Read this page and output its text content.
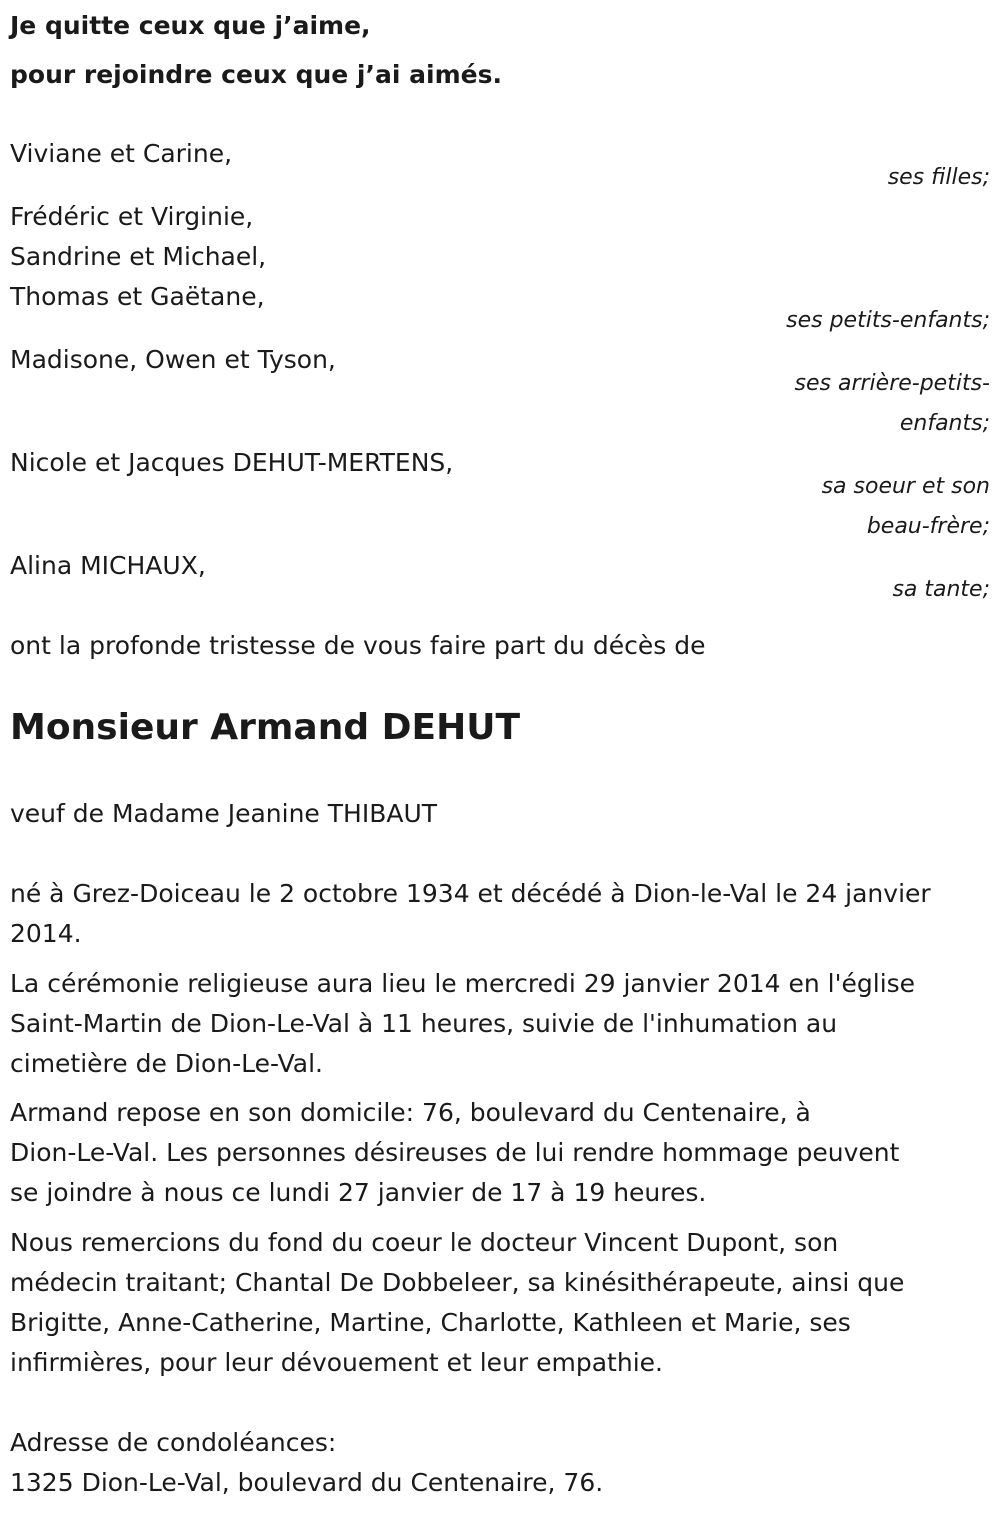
Je quitte ceux que j’aime,
pour rejoindre ceux que j’ai aimés.
Viviane et Carine,
ses filles;
Frédéric et Virginie,
Sandrine et Michael,
Thomas et Gaëtane,
ses petits-enfants;
Madisone, Owen et Tyson,
ses arrière-petits-
enfants;
Nicole et Jacques DEHUT-MERTENS,
sa soeur et son
beau-frère;
Alina MICHAUX,
sa tante;
ont la profonde tristesse de vous faire part du décès de
Monsieur Armand DEHUT
veuf de Madame Jeanine THIBAUT
né à Grez-Doiceau le 2 octobre 1934 et décédé à Dion-le-Val le 24 janvier
2014.
La cérémonie religieuse aura lieu le mercredi 29 janvier 2014 en l'église
Saint-Martin de Dion-Le-Val à 11 heures, suivie de l'inhumation au
cimetière de Dion-Le-Val.
Armand repose en son domicile: 76, boulevard du Centenaire, à
Dion-Le-Val. Les personnes désireuses de lui rendre hommage peuvent
se joindre à nous ce lundi 27 janvier de 17 à 19 heures.
Nous remercions du fond du coeur le docteur Vincent Dupont, son
médecin traitant; Chantal De Dobbeleer, sa kinésithérapeute, ainsi que
Brigitte, Anne-Catherine, Martine, Charlotte, Kathleen et Marie, ses
infirmières, pour leur dévouement et leur empathie.
Adresse de condoléances:
1325 Dion-Le-Val, boulevard du Centenaire, 76.
